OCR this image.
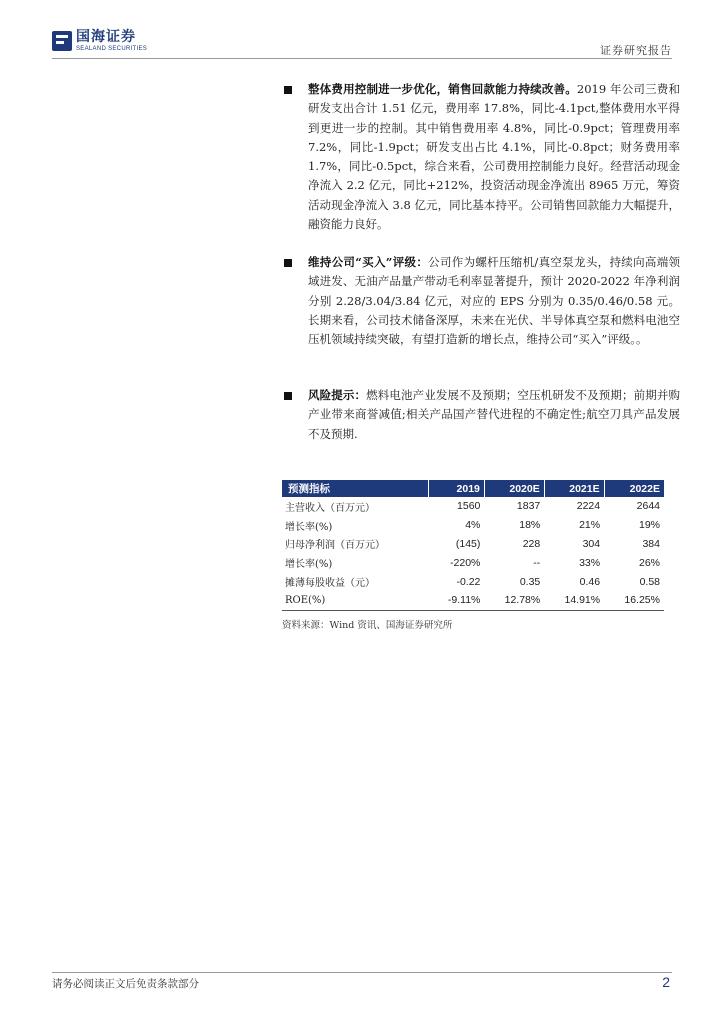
国海证券
SEALAND SECURITIES	证券研究报告
整体费用控制进一步优化，销售回款能力持续改善。2019 年公司三费和研发支出合计 1.51 亿元，费用率 17.8%，同比-4.1pct,整体费用水平得到更进一步的控制。其中销售费用率 4.8%，同比-0.9pct；管理费用率 7.2%，同比-1.9pct；研发支出占比 4.1%，同比-0.8pct；财务费用率 1.7%，同比-0.5pct，综合来看，公司费用控制能力良好。经营活动现金净流入 2.2 亿元，同比+212%，投资活动现金净流出 8965 万元，筹资活动现金净流入 3.8 亿元，同比基本持平。公司销售回款能力大幅提升，融资能力良好。
维持公司“买入”评级：公司作为螺杆压缩机/真空泵龙头，持续向高端领域进发、无油产品量产带动毛利率显著提升，预计 2020-2022 年净利润分别 2.28/3.04/3.84 亿元，对应的 EPS 分别为 0.35/0.46/0.58 元。长期来看，公司技术储备深厚，未来在光伏、半导体真空泵和燃料电池空压机领域持续突破，有望打造新的增长点，维持公司“买入”评级。。
风险提示：燃料电池产业发展不及预期；空压机研发不及预期；前期并购产业带来商誉减值;相关产品国产替代进程的不确定性;航空刀具产品发展不及预期.
预测指标	2019	2020E	2021E	2022E
主营收入（百万元）	1560	1837	2224	2644
增长率(%)	4%	18%	21%	19%
归母净利润（百万元）	(145)	228	304	384
增长率(%)	-220%	--	33%	26%
摊薄每股收益（元）	-0.22	0.35	0.46	0.58
ROE(%)	-9.11%	12.78%	14.91%	16.25%
资料来源：Wind 资讯、国海证券研究所
请务必阅读正文后免责条款部分	2
